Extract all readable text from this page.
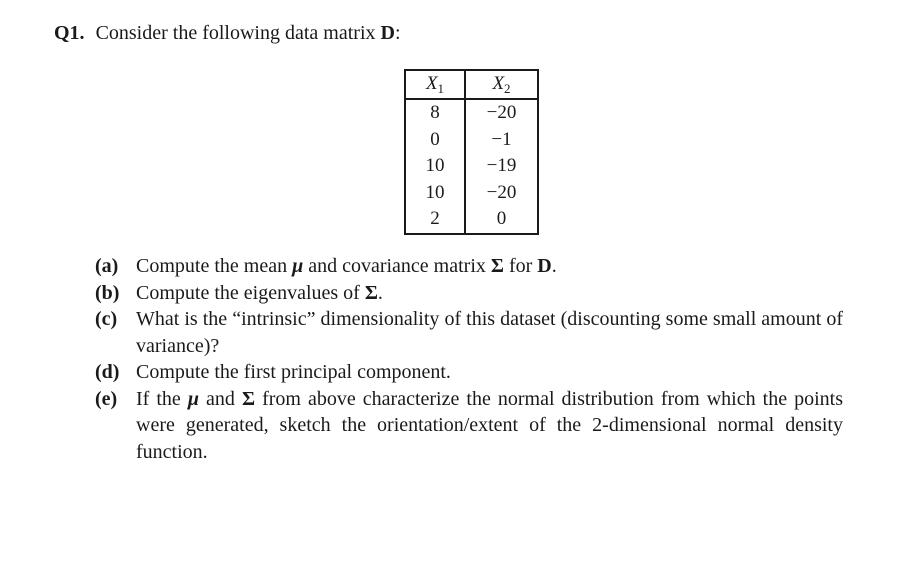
Q1. Consider the following data matrix D:
$X_1$	$X_2$
8	−20
0	−1
10	−19
10	−20
2	0
(a) Compute the mean μ and covariance matrix Σ for D.
(b) Compute the eigenvalues of Σ.
(c) What is the “intrinsic” dimensionality of this dataset (discounting some small amount of variance)?
(d) Compute the first principal component.
(e) If the μ and Σ from above characterize the normal distribution from which the points were generated, sketch the orientation/extent of the 2-dimensional normal density function.
